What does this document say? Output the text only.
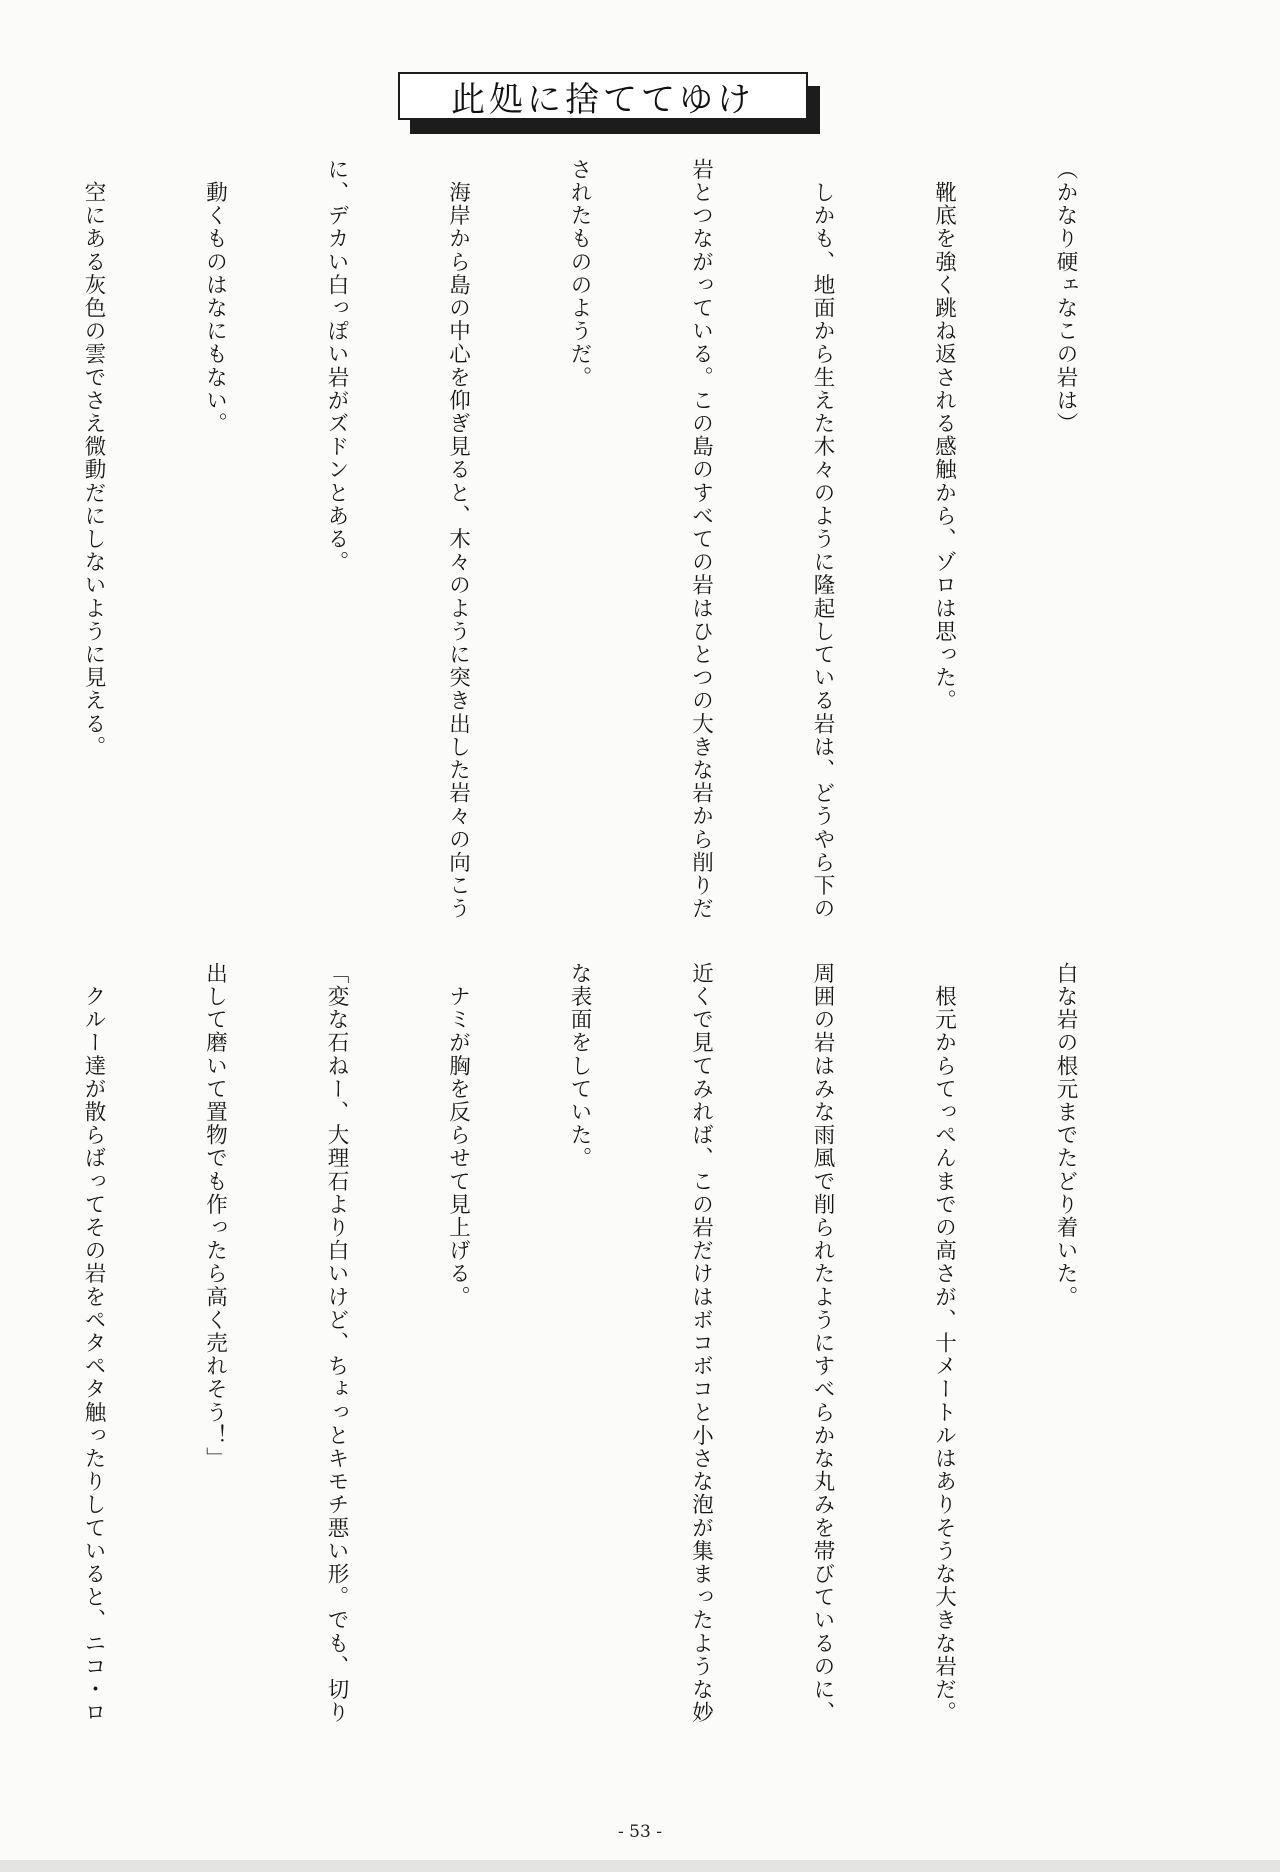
此処に捨ててゆけ

（かなり硬ェなこの岩は）

　靴底を強く跳ね返される感触から、ゾロは思った。

　しかも、地面から生えた木々のように隆起している岩は、どうやら下の

岩とつながっている。この島のすべての岩はひとつの大きな岩から削りだ

されたもののようだ。

　海岸から島の中心を仰ぎ見ると、木々のように突き出した岩々の向こう

に、デカい白っぽい岩がズドンとある。

　動くものはなにもない。

　空にある灰色の雲でさえ微動だにしないように見える。

白な岩の根元までたどり着いた。

　根元からてっぺんまでの高さが、十メートルはありそうな大きな岩だ。

周囲の岩はみな雨風で削られたようにすべらかな丸みを帯びているのに、

近くで見てみれば、この岩だけはボコボコと小さな泡が集まったような妙

な表面をしていた。

　ナミが胸を反らせて見上げる。

「変な石ねー、大理石より白いけど、ちょっとキモチ悪い形。でも、切り

出して磨いて置物でも作ったら高く売れそう！」

　クルー達が散らばってその岩をペタペタ触ったりしていると、ニコ・ロ

- 53 -
